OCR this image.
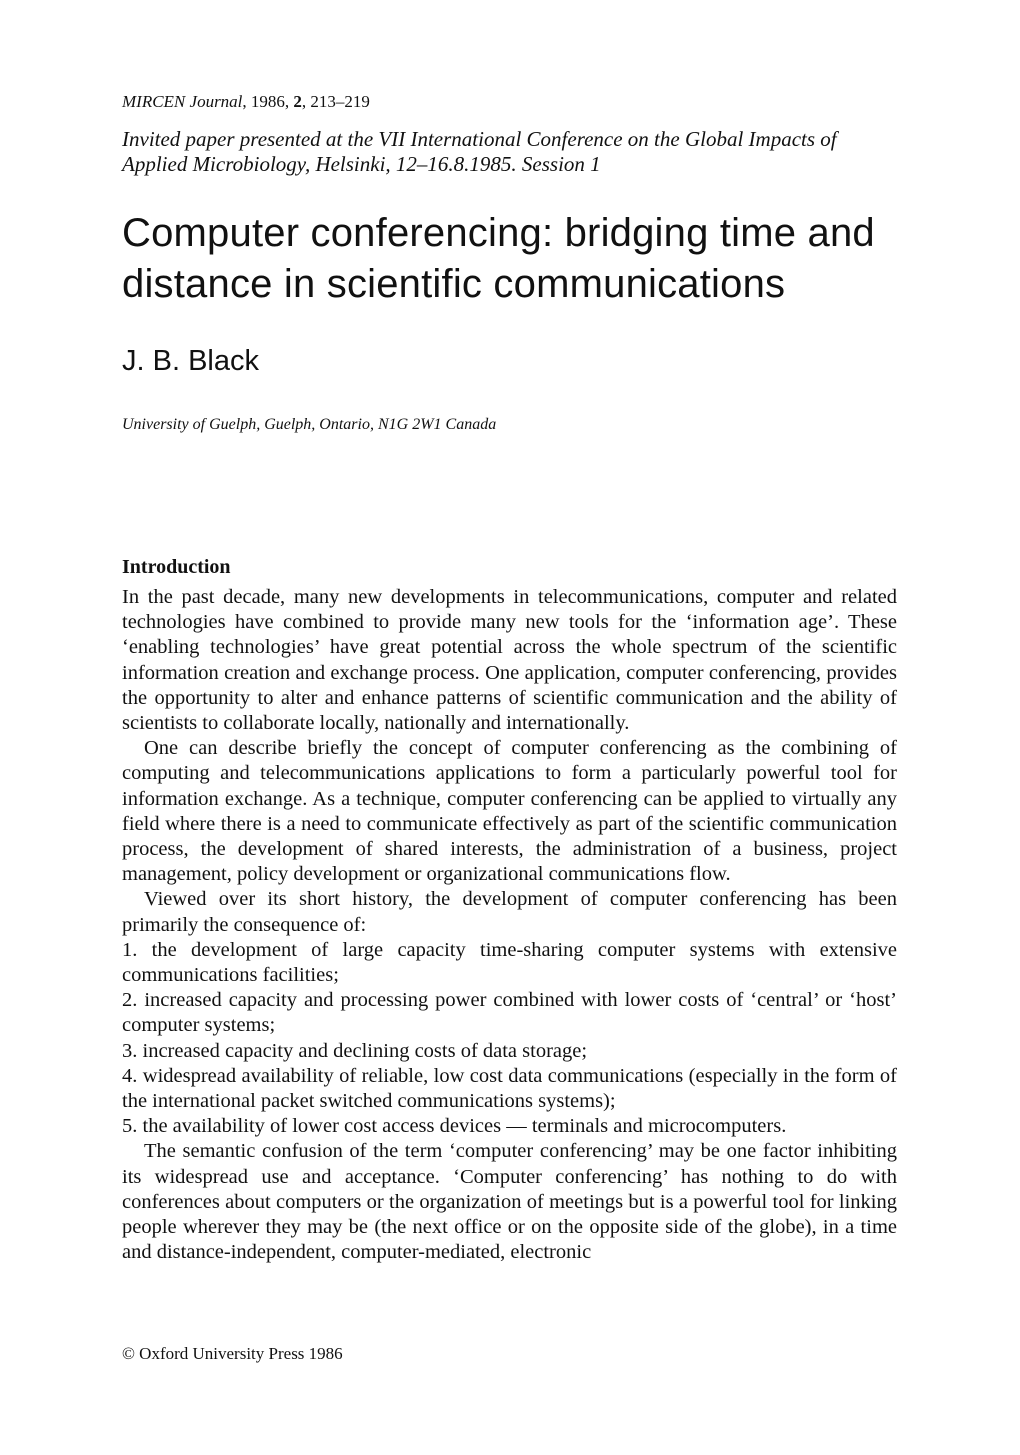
MIRCEN Journal, 1986, 2, 213–219
Invited paper presented at the VII International Conference on the Global Impacts of Applied Microbiology, Helsinki, 12–16.8.1985. Session 1
Computer conferencing: bridging time and distance in scientific communications
J. B. Black
University of Guelph, Guelph, Ontario, N1G 2W1 Canada
Introduction

In the past decade, many new developments in telecommunications, computer and related technologies have combined to provide many new tools for the ‘information age’. These ‘enabling technologies’ have great potential across the whole spectrum of the scientific information creation and exchange process. One application, computer conferencing, provides the opportunity to alter and enhance patterns of scientific communication and the ability of scientists to collaborate locally, nationally and internationally.

One can describe briefly the concept of computer conferencing as the combining of computing and telecommunications applications to form a particularly powerful tool for information exchange. As a technique, computer conferencing can be applied to virtually any field where there is a need to communicate effectively as part of the scientific communication process, the development of shared interests, the administration of a business, project management, policy development or organizational communications flow.

Viewed over its short history, the development of computer conferencing has been primarily the consequence of:

1. the development of large capacity time-sharing computer systems with extensive communications facilities;

2. increased capacity and processing power combined with lower costs of ‘central’ or ‘host’ computer systems;

3. increased capacity and declining costs of data storage;

4. widespread availability of reliable, low cost data communications (especially in the form of the international packet switched communications systems);

5. the availability of lower cost access devices — terminals and microcomputers.

The semantic confusion of the term ‘computer conferencing’ may be one factor inhibiting its widespread use and acceptance. ‘Computer conferencing’ has nothing to do with conferences about computers or the organization of meetings but is a powerful tool for linking people wherever they may be (the next office or on the opposite side of the globe), in a time and distance-independent, computer-mediated, electronic

© Oxford University Press 1986
